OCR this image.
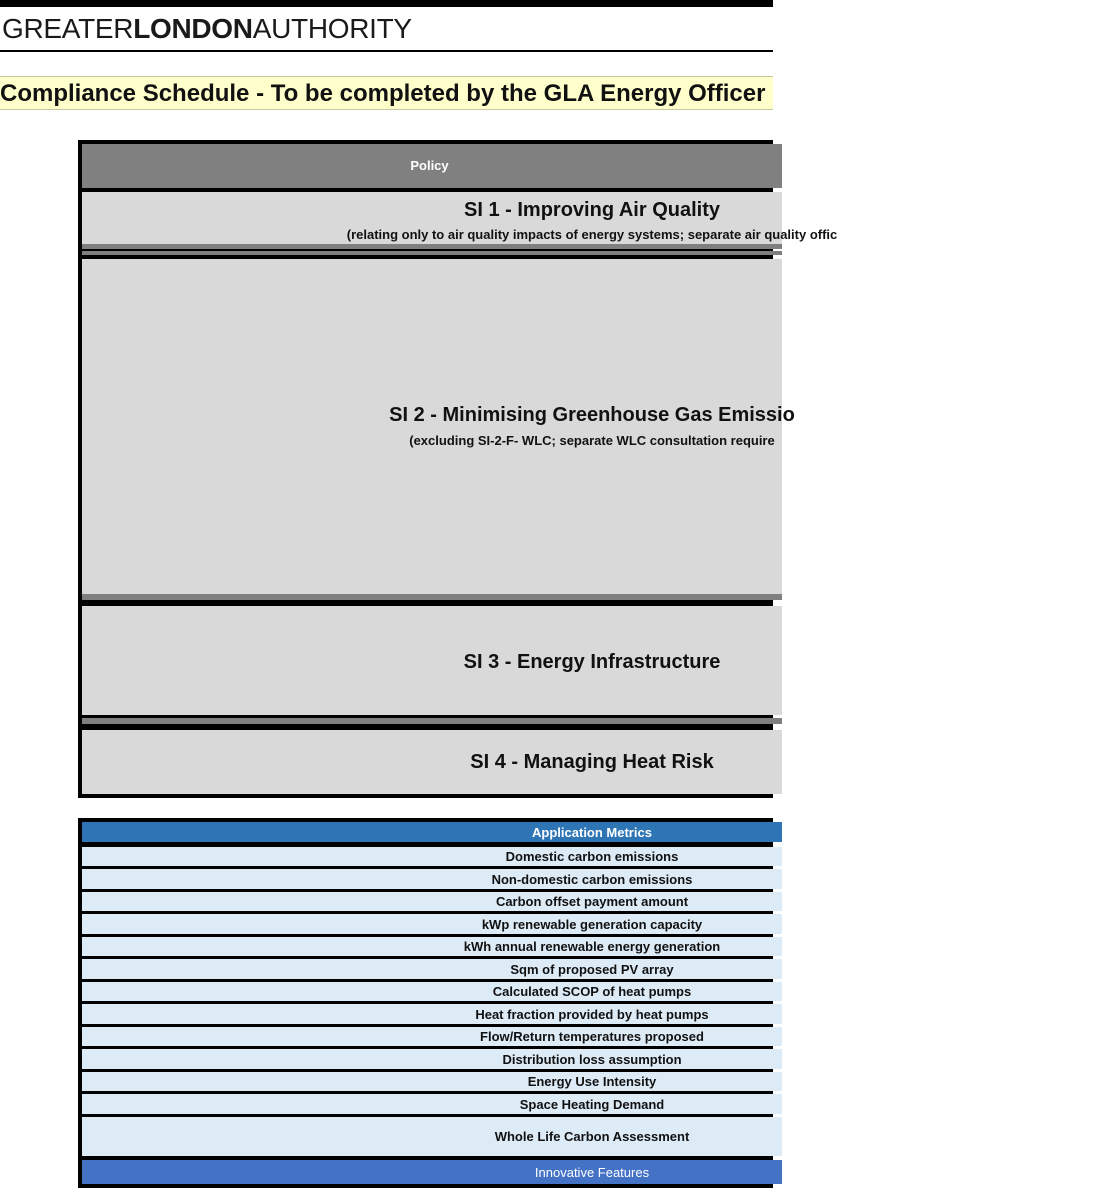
GREATERLONDONAUTHORITY
Compliance Schedule - To be completed by the GLA Energy Officer
Policy
SI 1 - Improving Air Quality
(relating only to air quality impacts of energy systems; separate air quality offic
SI 2 - Minimising Greenhouse Gas Emissio
(excluding SI-2-F- WLC; separate WLC consultation require
SI 3 - Energy Infrastructure
SI 4 - Managing Heat Risk
Application Metrics
Domestic carbon emissions
Non-domestic carbon emissions
Carbon offset payment amount
kWp renewable generation capacity
kWh annual renewable energy generation
Sqm of proposed PV array
Calculated SCOP of heat pumps
Heat fraction provided by heat pumps
Flow/Return temperatures proposed
Distribution loss assumption
Energy Use Intensity
Space Heating Demand
Whole Life Carbon Assessment
Innovative Features
